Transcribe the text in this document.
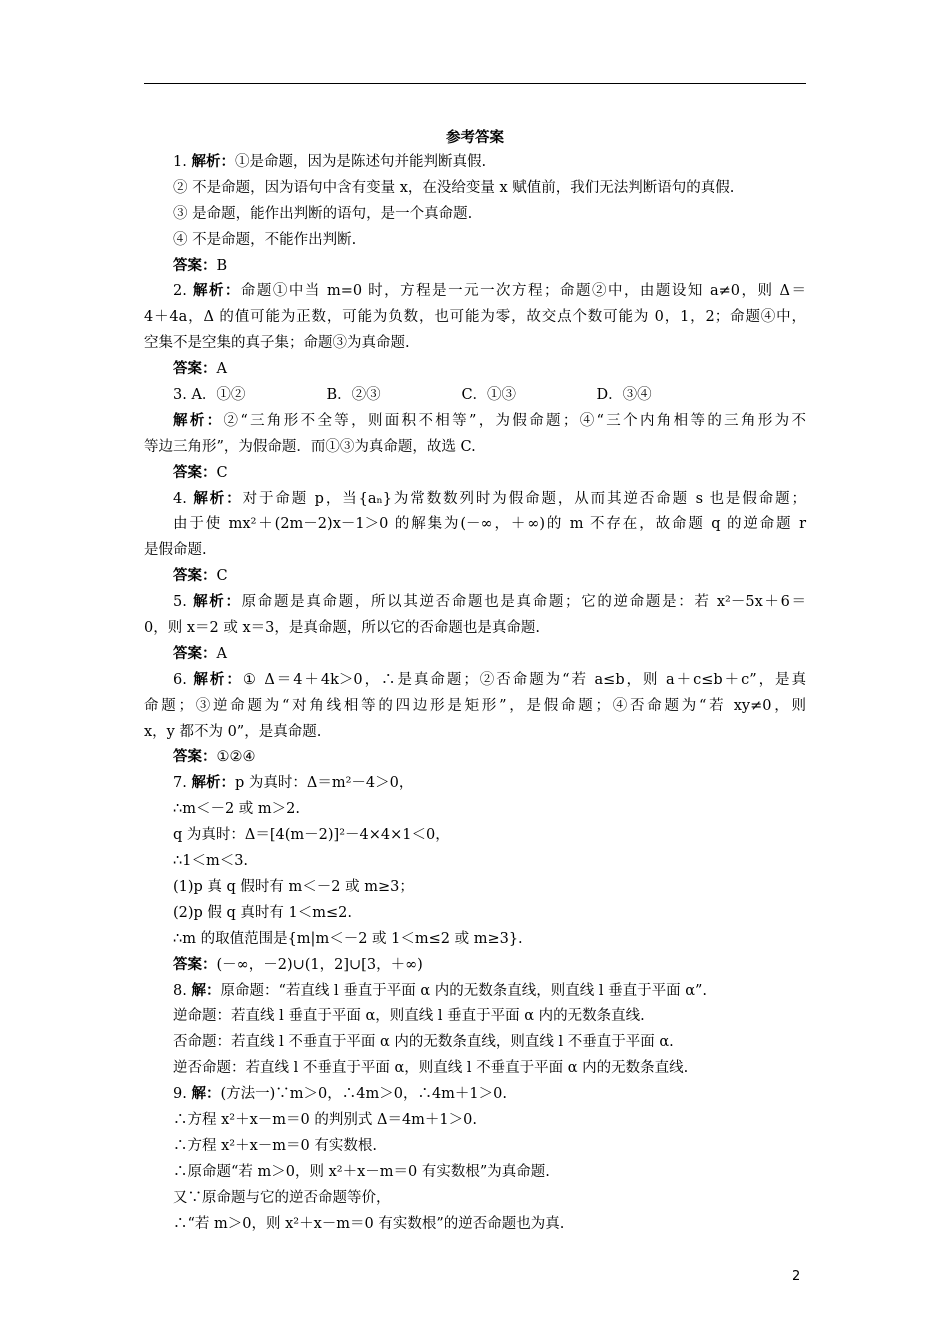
参考答案
1. 解析：①是命题，因为是陈述句并能判断真假.
② 不是命题，因为语句中含有变量 x，在没给变量 x 赋值前，我们无法判断语句的真假.
③ 是命题，能作出判断的语句，是一个真命题.
④ 不是命题，不能作出判断.
答案：B
2. 解析：命题①中当 m=0 时，方程是一元一次方程；命题②中，由题设知 a≠0，则 Δ＝
4＋4a，Δ 的值可能为正数，可能为负数，也可能为零，故交点个数可能为 0，1，2；命题④中，
空集不是空集的真子集；命题③为真命题.
答案：A
3. A．①②	B．②③	C．①③	D．③④
解析：②“三角形不全等，则面积不相等”，为假命题；④“三个内角相等的三角形为不
等边三角形”，为假命题．而①③为真命题，故选 C.
答案：C
4. 解析：对于命题 p，当{aₙ}为常数数列时为假命题，从而其逆否命题 s 也是假命题；
由于使 mx²＋(2m－2)x－1＞0 的解集为(－∞，＋∞)的 m 不存在，故命题 q 的逆命题 r
是假命题.
答案：C
5. 解析：原命题是真命题，所以其逆否命题也是真命题；它的逆命题是：若 x²－5x＋6＝
0，则 x＝2 或 x＝3，是真命题，所以它的否命题也是真命题.
答案：A
6. 解析：① Δ＝4＋4k＞0，∴是真命题；②否命题为“若 a≤b，则 a＋c≤b＋c”，是真
命题；③逆命题为“对角线相等的四边形是矩形”，是假命题；④否命题为“若 xy≠0，则
x，y 都不为 0”，是真命题.
答案：①②④
7. 解析：p 为真时：Δ＝m²－4＞0，
∴m＜－2 或 m＞2.
q 为真时：Δ＝[4(m－2)]²－4×4×1＜0，
∴1＜m＜3.
(1)p 真 q 假时有 m＜－2 或 m≥3；
(2)p 假 q 真时有 1＜m≤2.
∴m 的取值范围是{m|m＜－2 或 1＜m≤2 或 m≥3}.
答案：(－∞，－2)∪(1，2]∪[3，＋∞)
8. 解：原命题：“若直线 l 垂直于平面 α 内的无数条直线，则直线 l 垂直于平面 α”.
逆命题：若直线 l 垂直于平面 α，则直线 l 垂直于平面 α 内的无数条直线.
否命题：若直线 l 不垂直于平面 α 内的无数条直线，则直线 l 不垂直于平面 α.
逆否命题：若直线 l 不垂直于平面 α，则直线 l 不垂直于平面 α 内的无数条直线.
9. 解：(方法一)∵m＞0，∴4m＞0，∴4m＋1＞0.
∴方程 x²＋x－m＝0 的判别式 Δ＝4m＋1＞0.
∴方程 x²＋x－m＝0 有实数根.
∴原命题“若 m＞0，则 x²＋x－m＝0 有实数根”为真命题.
又∵原命题与它的逆否命题等价，
∴“若 m＞0，则 x²＋x－m＝0 有实数根”的逆否命题也为真.
2
